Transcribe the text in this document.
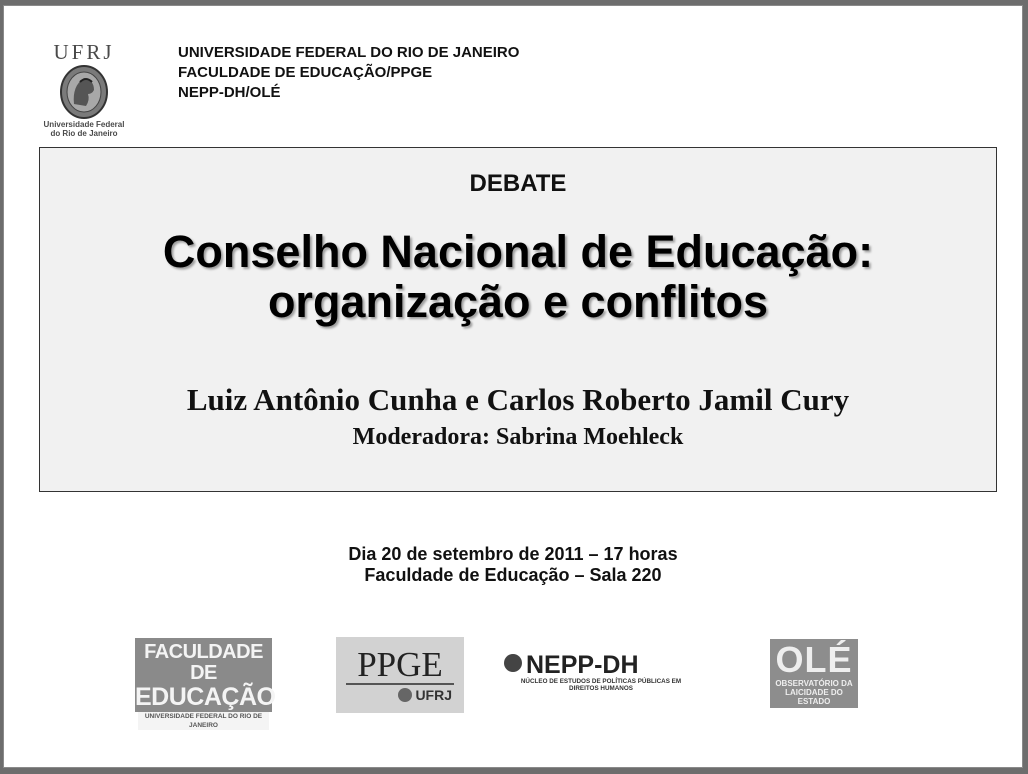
UFRJ
Universidade Federal
do Rio de Janeiro
UNIVERSIDADE FEDERAL DO RIO DE JANEIRO
FACULDADE DE EDUCAÇÃO/PPGE
NEPP-DH/OLÉ
DEBATE
Conselho Nacional de Educação:
organização e conflitos
Luiz Antônio Cunha e Carlos Roberto Jamil Cury
Moderadora: Sabrina Moehleck
Dia 20 de setembro de 2011 – 17 horas
Faculdade de Educação – Sala 220
FACULDADE DE
EDUCAÇÃO
UNIVERSIDADE FEDERAL DO RIO DE JANEIRO
PPGE
UFRJ
NEPP-DH
NÚCLEO DE ESTUDOS DE POLÍTICAS PÚBLICAS EM
DIREITOS HUMANOS
OLÉ
OBSERVATÓRIO DA
LAICIDADE DO ESTADO
